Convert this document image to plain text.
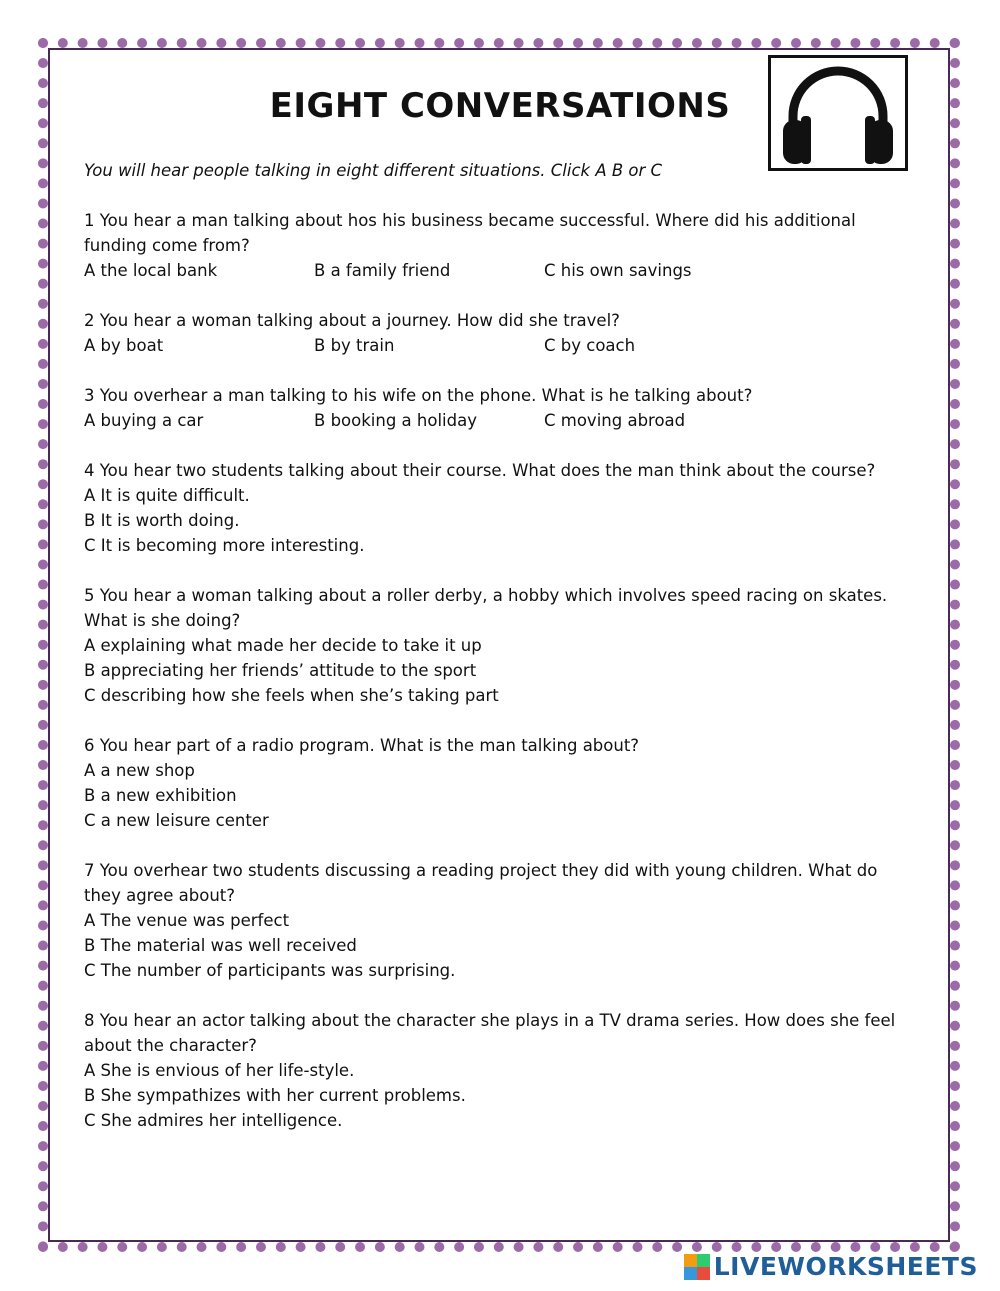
EIGHT CONVERSATIONS

You will hear people talking in eight different situations. Click A B or C

1 You hear a man talking about hos his business became successful. Where did his additional funding come from?

A the local bank	B a family friend	C his own savings

2 You hear a woman talking about a journey. How did she travel?

A by boat	B by train	C by coach

3 You overhear a man talking to his wife on the phone. What is he talking about?

A buying a car	B booking a holiday	C moving abroad

4 You hear two students talking about their course. What does the man think about the course?

A It is quite difficult.

B It is worth doing.

C It is becoming more interesting.

5 You hear a woman talking about a roller derby, a hobby which involves speed racing on skates. What is she doing?

A explaining what made her decide to take it up

B appreciating her friends’ attitude to the sport

C describing how she feels when she’s taking part

6 You hear part of a radio program. What is the man talking about?

A a new shop

B a new exhibition

C a new leisure center

7 You overhear two students discussing a reading project they did with young children. What do they agree about?

A The venue was perfect

B The material was well received

C The number of participants was surprising.

8 You hear an actor talking about the character she plays in a TV drama series. How does she feel about the character?

A She is envious of her life-style.

B She sympathizes with her current problems.

C She admires her intelligence.

LIVEWORKSHEETS
